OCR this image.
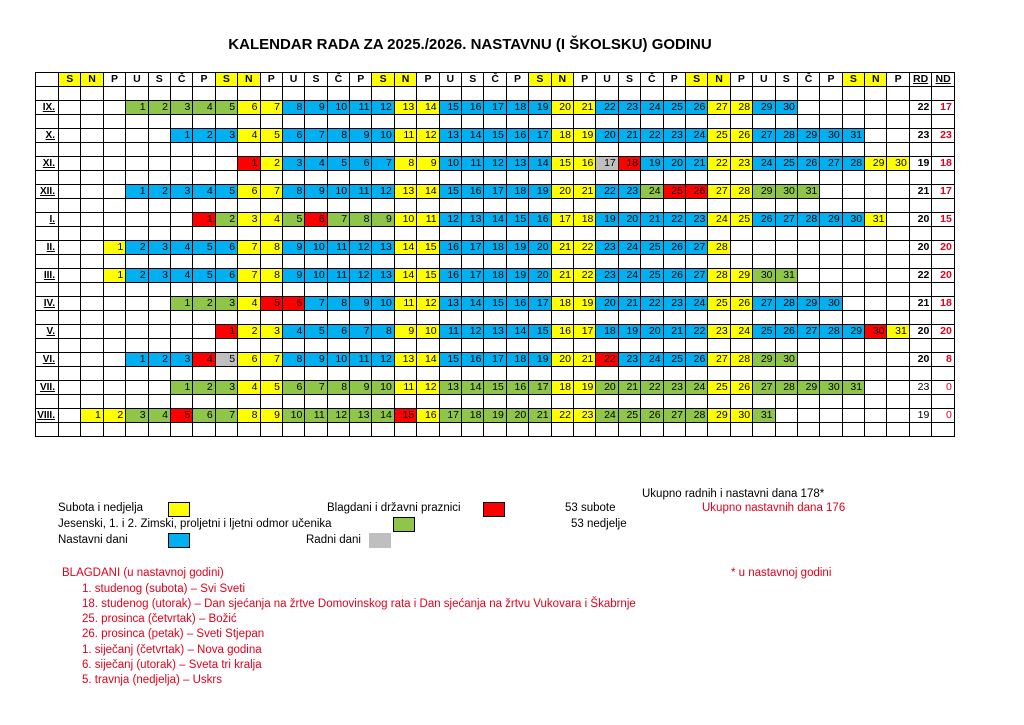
KALENDAR RADA ZA 2025./2026. NASTAVNU (I ŠKOLSKU) GODINU
	S	N	P	U	S	Č	P	S	N	P	U	S	Č	P	S	N	P	U	S	Č	P	S	N	P	U	S	Č	P	S	N	P	U	S	Č	P	S	N	P	RD	ND

IX.				1	2	3	4	5	6	7	8	9	10	11	12	13	14	15	16	17	18	19	20	21	22	23	24	25	26	27	28	29	30						22	17

X.						1	2	3	4	5	6	7	8	9	10	11	12	13	14	15	16	17	18	19	20	21	22	23	24	25	26	27	28	29	30	31			23	23

XI.									1	2	3	4	5	6	7	8	9	10	11	12	13	14	15	16	17	18	19	20	21	22	23	24	25	26	27	28	29	30	19	18

XII.				1	2	3	4	5	6	7	8	9	10	11	12	13	14	15	16	17	18	19	20	21	22	23	24	25	26	27	28	29	30	31					21	17

I.							1	2	3	4	5	6	7	8	9	10	11	12	13	14	15	16	17	18	19	20	21	22	23	24	25	26	27	28	29	30	31		20	15

II.			1	2	3	4	5	6	7	8	9	10	11	12	13	14	15	16	17	18	19	20	21	22	23	24	25	26	27	28									20	20

III.			1	2	3	4	5	6	7	8	9	10	11	12	13	14	15	16	17	18	19	20	21	22	23	24	25	26	27	28	29	30	31						22	20

IV.						1	2	3	4	5	6	7	8	9	10	11	12	13	14	15	16	17	18	19	20	21	22	23	24	25	26	27	28	29	30				21	18

V.								1	2	3	4	5	6	7	8	9	10	11	12	13	14	15	16	17	18	19	20	21	22	23	24	25	26	27	28	29	30	31	20	20

VI.				1	2	3	4	5	6	7	8	9	10	11	12	13	14	15	16	17	18	19	20	21	22	23	24	25	26	27	28	29	30						20	8

VII.						1	2	3	4	5	6	7	8	9	10	11	12	13	14	15	16	17	18	19	20	21	22	23	24	25	26	27	28	29	30	31			23	0

VIII.		1	2	3	4	5	6	7	8	9	10	11	12	13	14	15	16	17	18	19	20	21	22	23	24	25	26	27	28	29	30	31							19	0

Ukupno radnih i nastavni dana 178*
Subota i nedjelja	Blagdani i državni praznici	53 subote	Ukupno nastavnih dana 176
Jesenski, 1. i 2. Zimski, proljetni i ljetni odmor učenika	53 nedjelje
Nastavni dani	Radni dani
BLAGDANI (u nastavnoj godini)	* u nastavnoj godini
1. studenog (subota) – Svi Sveti
18. studenog (utorak) – Dan sjećanja na žrtve Domovinskog rata i Dan sjećanja na žrtvu Vukovara i Škabrnje
25. prosinca (četvrtak) – Božić
26. prosinca (petak) – Sveti Stjepan
1. siječanj (četvrtak) – Nova godina
6. siječanj (utorak) – Sveta tri kralja
5. travnja (nedjelja) – Uskrs
